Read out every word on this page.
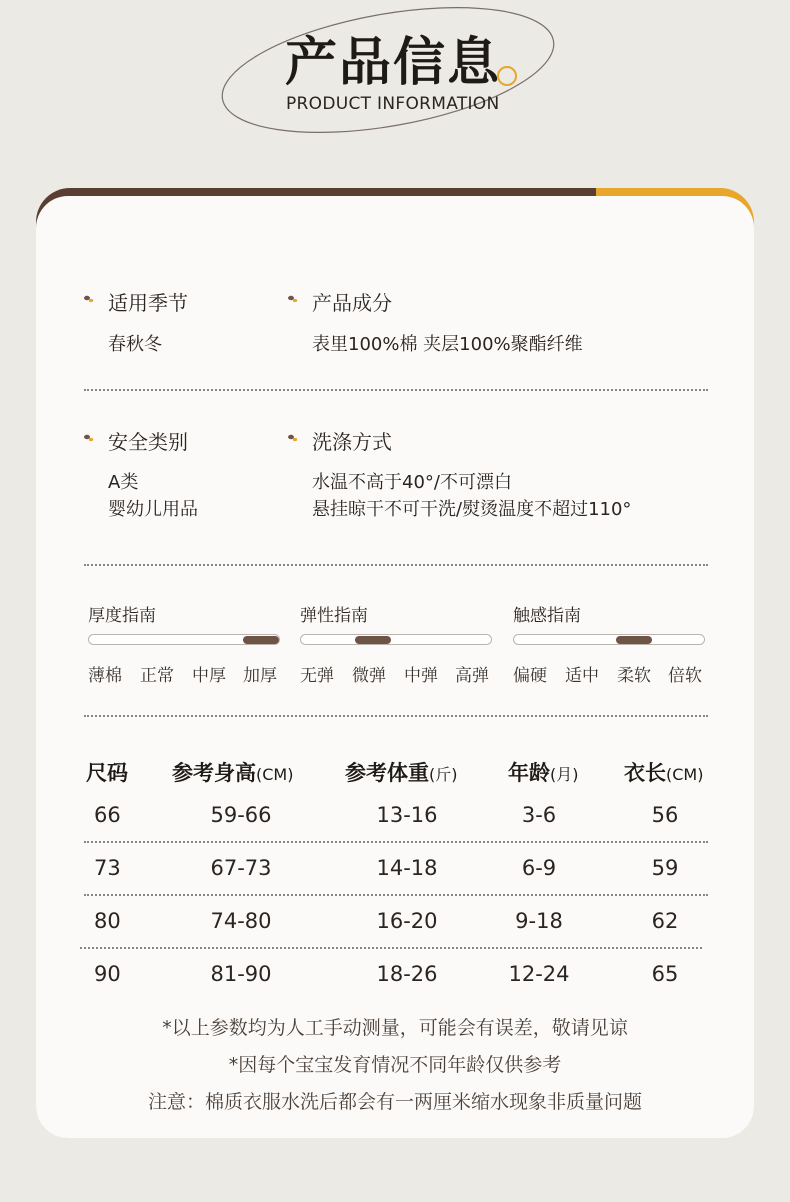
产品信息
PRODUCT INFORMATION
适用季节
春秋冬
产品成分
表里100%棉 夹层100%聚酯纤维
安全类别
A类
婴幼儿用品
洗涤方式
水温不高于40°/不可漂白
悬挂晾干不可干洗/熨烫温度不超过110°
厚度指南
薄棉 正常 中厚 加厚
弹性指南
无弹 微弹 中弹 高弹
触感指南
偏硬 适中 柔软 倍软
尺码 参考身高(CM) 参考体重(斤) 年龄(月) 衣长(CM)
66	59-66	13-16	3-6	56
73	67-73	14-18	6-9	59
80	74-80	16-20	9-18	62
90	81-90	18-26	12-24	65
*以上参数均为人工手动测量，可能会有误差，敬请见谅
*因每个宝宝发育情况不同年龄仅供参考
注意：棉质衣服水洗后都会有一两厘米缩水现象非质量问题
